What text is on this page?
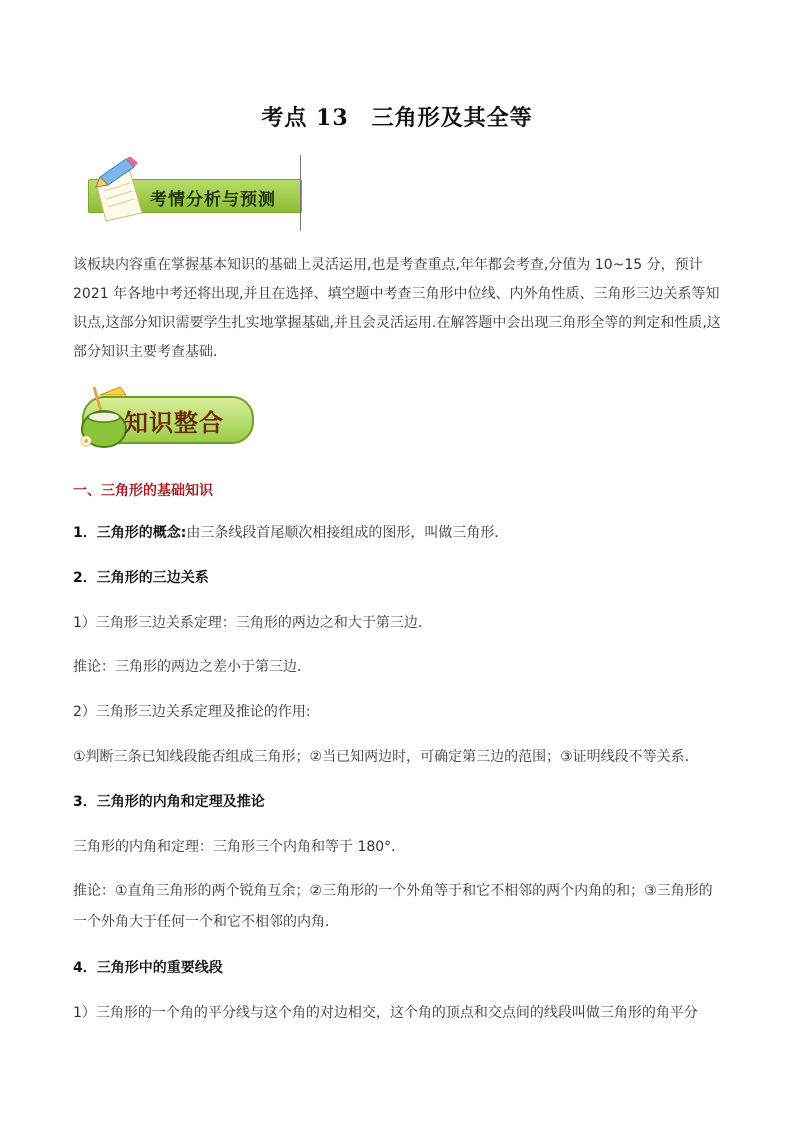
考点 13　三角形及其全等
考情分析与预测
该板块内容重在掌握基本知识的基础上灵活运用,也是考查重点,年年都会考查,分值为 10~15 分，预计 2021 年各地中考还将出现,并且在选择、填空题中考查三角形中位线、内外角性质、三角形三边关系等知识点,这部分知识需要学生扎实地掌握基础,并且会灵活运用.在解答题中会出现三角形全等的判定和性质,这部分知识主要考查基础.
知识整合
一、三角形的基础知识
1．三角形的概念:由三条线段首尾顺次相接组成的图形，叫做三角形．
2．三角形的三边关系
1）三角形三边关系定理：三角形的两边之和大于第三边．
推论：三角形的两边之差小于第三边．
2）三角形三边关系定理及推论的作用:
①判断三条已知线段能否组成三角形；②当已知两边时，可确定第三边的范围；③证明线段不等关系．
3．三角形的内角和定理及推论
三角形的内角和定理：三角形三个内角和等于 180°．
推论：①直角三角形的两个锐角互余；②三角形的一个外角等于和它不相邻的两个内角的和；③三角形的
一个外角大于任何一个和它不相邻的内角．
4．三角形中的重要线段
1）三角形的一个角的平分线与这个角的对边相交，这个角的顶点和交点间的线段叫做三角形的角平分
